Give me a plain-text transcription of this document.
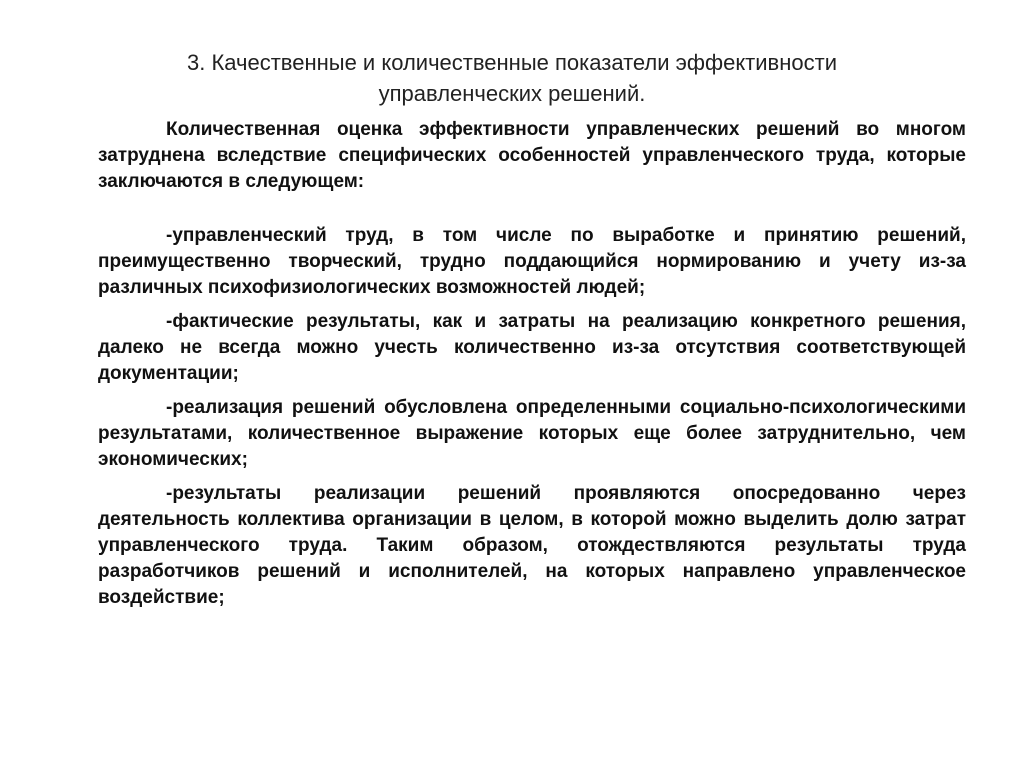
3. Качественные и количественные показатели эффективности
управленческих решений.

Количественная оценка эффективности управленческих решений во многом затруднена вследствие специфических особенностей управленческого труда, которые заключаются в следующем:

-управленческий труд, в том числе по выработке и принятию решений, преимущественно творческий, трудно поддающийся нормированию и учету из-за различных психофизиологических возможностей людей;

-фактические результаты, как и затраты на реализацию конкретного решения, далеко не всегда можно учесть количественно из-за отсутствия соответствующей документации;

-реализация решений обусловлена определенными социально-психологическими результатами, количественное выражение которых еще более затруднительно, чем экономических;

-результаты реализации решений проявляются опосредованно через деятельность коллектива организации в целом, в которой можно выделить долю затрат управленческого труда. Таким образом, отождествляются результаты труда разработчиков решений и исполнителей, на которых направлено управленческое воздействие;
